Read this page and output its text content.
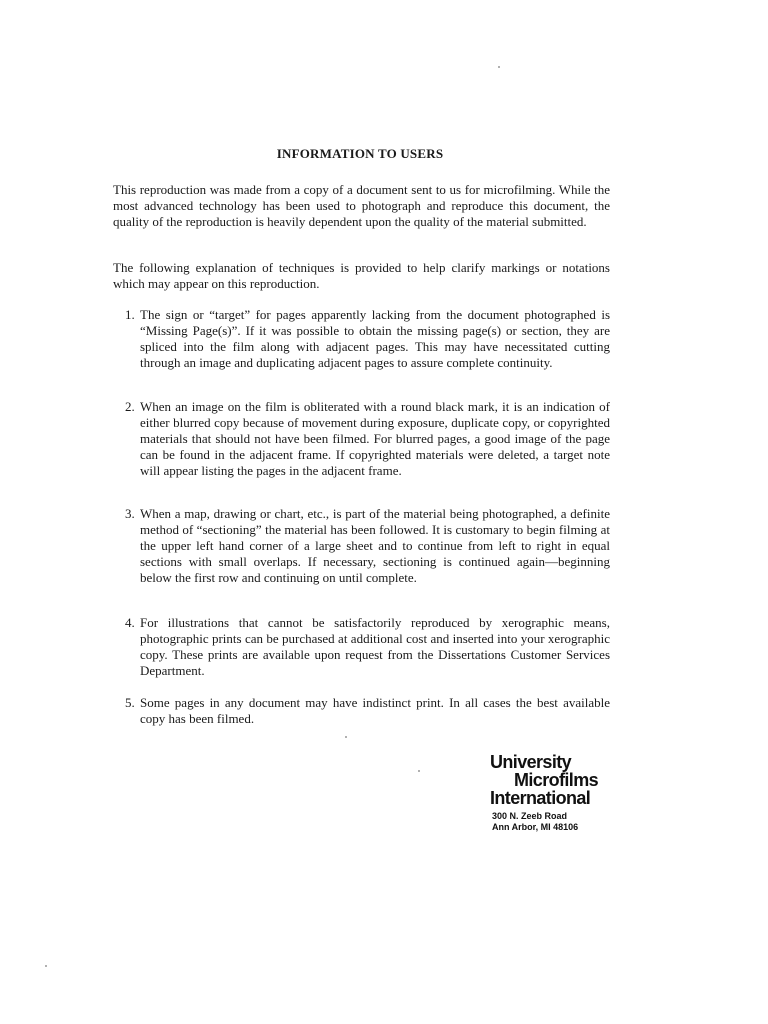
INFORMATION TO USERS

This reproduction was made from a copy of a document sent to us for microfilming. While the most advanced technology has been used to photograph and reproduce this document, the quality of the reproduction is heavily dependent upon the quality of the material submitted.

The following explanation of techniques is provided to help clarify markings or notations which may appear on this reproduction.

1. The sign or “target” for pages apparently lacking from the document photographed is “Missing Page(s)”. If it was possible to obtain the missing page(s) or section, they are spliced into the film along with adjacent pages. This may have necessitated cutting through an image and duplicating adjacent pages to assure complete continuity.
2. When an image on the film is obliterated with a round black mark, it is an indication of either blurred copy because of movement during exposure, duplicate copy, or copyrighted materials that should not have been filmed. For blurred pages, a good image of the page can be found in the adjacent frame. If copyrighted materials were deleted, a target note will appear listing the pages in the adjacent frame.
3. When a map, drawing or chart, etc., is part of the material being photographed, a definite method of “sectioning” the material has been followed. It is customary to begin filming at the upper left hand corner of a large sheet and to continue from left to right in equal sections with small overlaps. If necessary, sectioning is continued again—beginning below the first row and continuing on until complete.
4. For illustrations that cannot be satisfactorily reproduced by xerographic means, photographic prints can be purchased at additional cost and inserted into your xerographic copy. These prints are available upon request from the Dissertations Customer Services Department.
5. Some pages in any document may have indistinct print. In all cases the best available copy has been filmed.
University
Microfilms
International
300 N. Zeeb Road
Ann Arbor, MI 48106
